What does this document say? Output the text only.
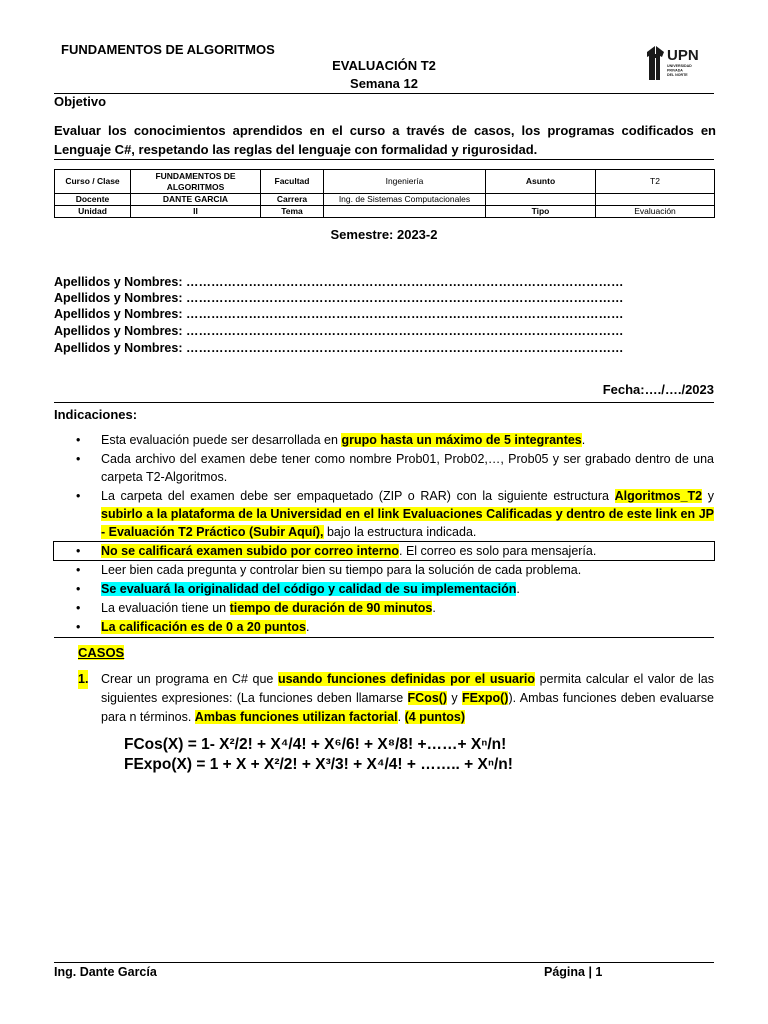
FUNDAMENTOS DE ALGORITMOS
EVALUACIÓN T2
Semana 12
UPN
UNIVERSIDAD
PRIVADA
DEL NORTE
Objetivo
Evaluar los conocimientos aprendidos en el curso a través de casos, los programas codificados en Lenguaje C#, respetando las reglas del lenguaje con formalidad y rigurosidad.
Curso / Clase	FUNDAMENTOS DE ALGORITMOS	Facultad	Ingeniería	Asunto	T2
Docente	DANTE GARCIA	Carrera	Ing. de Sistemas Computacionales		
Unidad	II	Tema		Tipo	Evaluación
Semestre: 2023-2
Apellidos y Nombres: ……………………………………………………………………………………………
Apellidos y Nombres: ……………………………………………………………………………………………
Apellidos y Nombres: ……………………………………………………………………………………………
Apellidos y Nombres: ……………………………………………………………………………………………
Apellidos y Nombres: ……………………………………………………………………………………………
Fecha:…./…./2023
Indicaciones:
• Esta evaluación puede ser desarrollada en grupo hasta un máximo de 5 integrantes.
• Cada archivo del examen debe tener como nombre Prob01, Prob02,…, Prob05 y ser grabado dentro de una carpeta T2-Algoritmos.
• La carpeta del examen debe ser empaquetado (ZIP o RAR) con la siguiente estructura Algoritmos_T2 y subirlo a la plataforma de la Universidad en el link Evaluaciones Calificadas y dentro de este link en JP - Evaluación T2 Práctico (Subir Aquí), bajo la estructura indicada.
• No se calificará examen subido por correo interno. El correo es solo para mensajería.
• Leer bien cada pregunta y controlar bien su tiempo para la solución de cada problema.
• Se evaluará la originalidad del código y calidad de su implementación.
• La evaluación tiene un tiempo de duración de 90 minutos.
• La calificación es de 0 a 20 puntos.
CASOS
1. Crear un programa en C# que usando funciones definidas por el usuario permita calcular el valor de las siguientes expresiones: (La funciones deben llamarse FCos() y FExpo()). Ambas funciones deben evaluarse para n términos. Ambas funciones utilizan factorial. (4 puntos)
FCos(X) = 1- X²/2! + X⁴/4! + X⁶/6! + X⁸/8! +……+ Xⁿ/n!
FExpo(X) = 1 + X + X²/2! + X³/3! + X⁴/4! + …….. + Xⁿ/n!
Ing. Dante García	Página | 1
